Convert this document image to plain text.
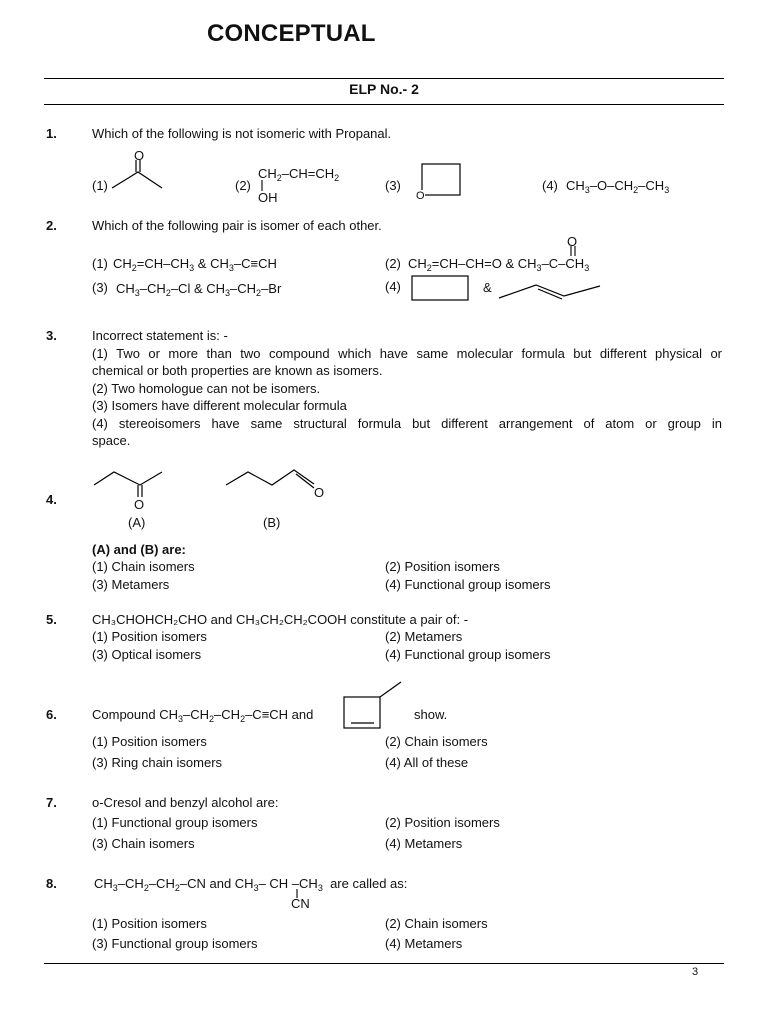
CONCEPTUAL
ELP No.- 2
1.	Which of the following is not isomeric with Propanal.
(1)
O
(2)
$CH_2-CH=CH_2$
OH
(3)
O
(4) $CH_3-O-CH_2-CH_3$
2.	Which of the following pair is isomer of each other.
(1) $CH_2=CH-CH_3$ & $CH_3-C\equiv CH$	(2)
O
$CH_2=CH-CH=O$ & $CH_3-C-CH_3$
(3) $CH_3-CH_2-Cl$ & $CH_3-CH_2-Br$	(4)	&
3.	Incorrect statement is: -
(1) Two or more than two compound which have same molecular formula but different physical or
chemical or both properties are known as isomers.
(2) Two homologue can not be isomers.
(3) Isomers have different molecular formula
(4) stereoisomers have same structural formula but different arrangement of atom or group in
space.
4.	O
(A)
O
(B)
(A) and (B) are:
(1) Chain isomers	(2) Position isomers
(3) Metamers	(4) Functional group isomers
5.	CH₃CHOHCH₂CHO and CH₃CH₂CH₂COOH constitute a pair of: -
(1) Position isomers	(2) Metamers
(3) Optical isomers	(4) Functional group isomers
6.	Compound $CH_3-CH_2-CH_2-C\equiv CH$ and	show.
(1) Position isomers	(2) Chain isomers
(3) Ring chain isomers	(4) All of these
7.	o-Cresol and benzyl alcohol are:
(1) Functional group isomers	(2) Position isomers
(3) Chain isomers	(4) Metamers
8.	$CH_3-CH_2-CH_2-CN$ and $CH_3-$ CH $-CH_3$ are called as:
CN
(1) Position isomers	(2) Chain isomers
(3) Functional group isomers	(4) Metamers
3
